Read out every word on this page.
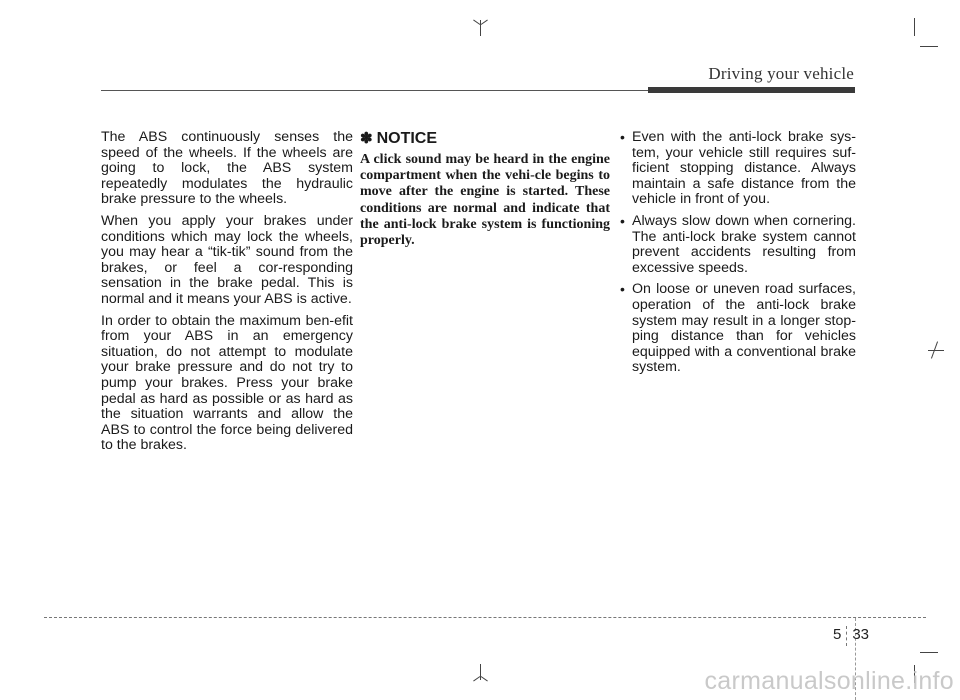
Driving your vehicle

The ABS continuously senses the speed of the wheels. If the wheels are going to lock, the ABS system repeatedly modulates the hydraulic brake pressure to the wheels.

When you apply your brakes under conditions which may lock the wheels, you may hear a “tik-tik” sound from the brakes, or feel a cor-responding sensation in the brake pedal. This is normal and it means your ABS is active.

In order to obtain the maximum ben-efit from your ABS in an emergency situation, do not attempt to modulate your brake pressure and do not try to pump your brakes. Press your brake pedal as hard as possible or as hard as the situation warrants and allow the ABS to control the force being delivered to the brakes.

✽ NOTICE

A click sound may be heard in the engine compartment when the vehi-cle begins to move after the engine is started. These conditions are normal and indicate that the anti-lock brake system is functioning properly.

• Even with the anti-lock brake sys-tem, your vehicle still requires suf-ficient stopping distance. Always maintain a safe distance from the vehicle in front of you.
• Always slow down when cornering. The anti-lock brake system cannot prevent accidents resulting from excessive speeds.
• On loose or uneven road surfaces, operation of the anti-lock brake system may result in a longer stop-ping distance than for vehicles equipped with a conventional brake system.
5 33
carmanualsonline.info
